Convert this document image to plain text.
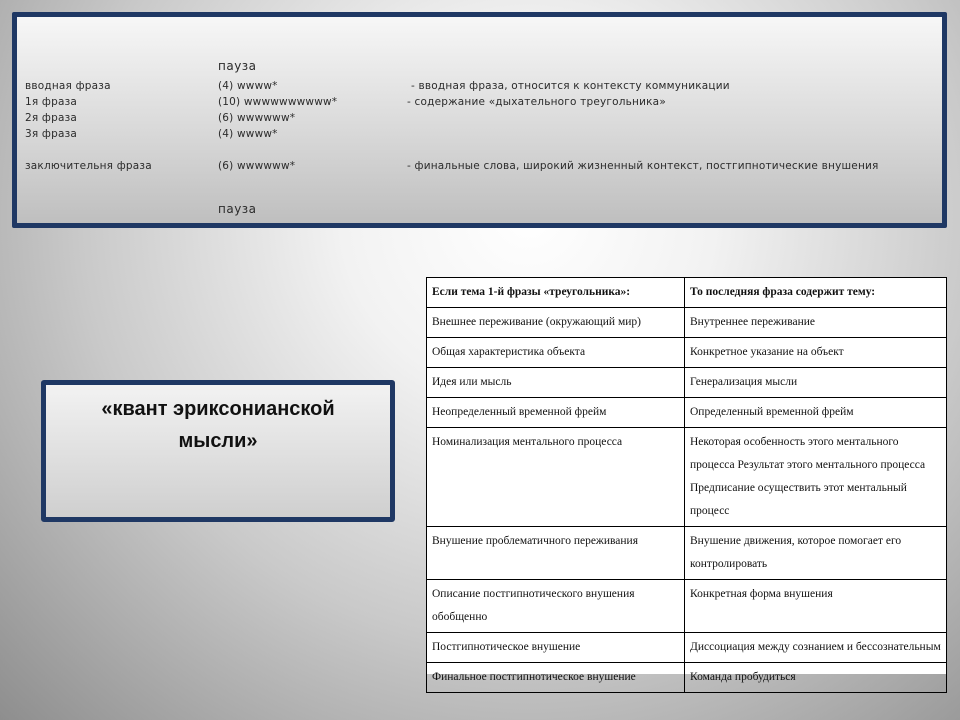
пауза
вводная фраза	(4) wwww*	- вводная фраза, относится к контексту коммуникации
1я фраза	(10) wwwwwwwwww*	- содержание «дыхательного треугольника»
2я фраза	(6) wwwwww*
3я фраза	(4) wwww*
заключительня фраза	(6) wwwwww*	- финальные слова, широкий жизненный контекст, постгипнотические внушения
пауза
«квант эриксонианской
мысли»
Если тема 1-й фразы «треугольника»:	То последняя фраза содержит тему:
Внешнее переживание (окружающий мир)	Внутреннее переживание
Общая характеристика объекта	Конкретное указание на объект
Идея или мысль	Генерализация мысли
Неопределенный временной фрейм	Определенный временной фрейм
Номинализация ментального процесса	Некоторая особенность этого ментального процесса Результат этого ментального процесса Предписание осуществить этот ментальный процесс
Внушение проблематичного переживания	Внушение движения, которое помогает его контролировать
Описание постгипнотического внушения обобщенно	Конкретная форма внушения
Постгипнотическое внушение	Диссоциация между сознанием и бессознательным
Финальное постгипнотическое внушение	Команда пробудиться
